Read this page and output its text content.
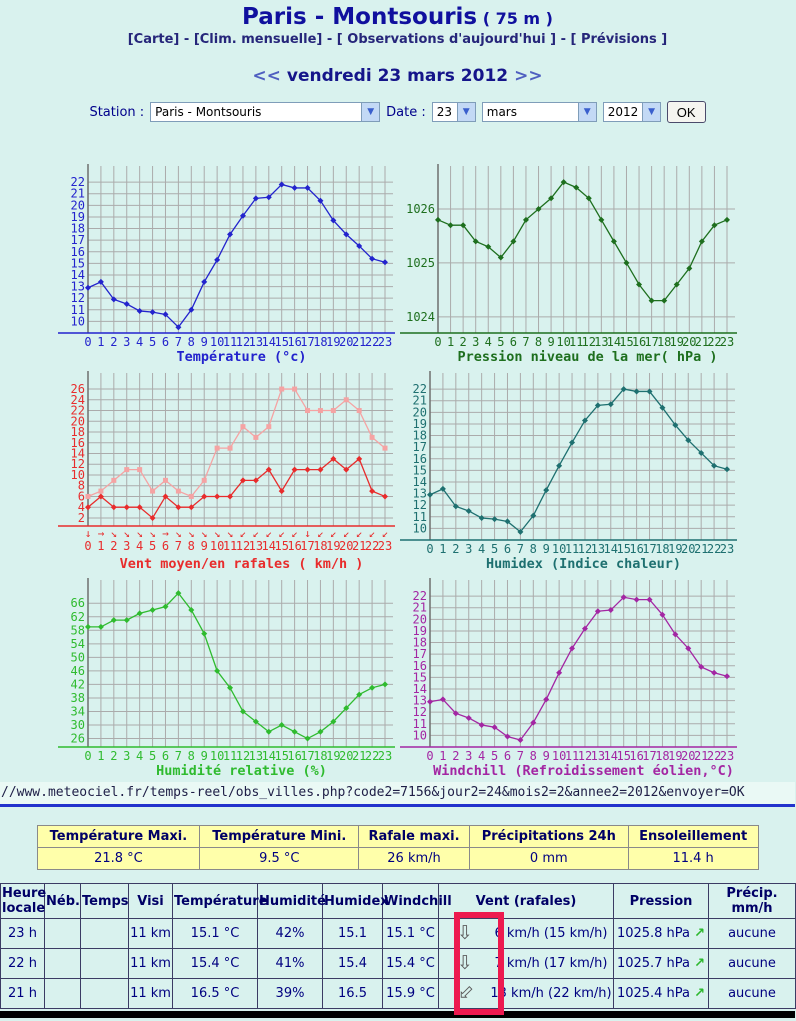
Paris - Montsouris ( 75 m )
[Carte] - [Clim. mensuelle] - [ Observations d'aujourd'hui ] - [ Prévisions ]
<< vendredi 23 mars 2012 >>
Station : Paris - Montsouris	▼ Date : 23	▼	mars	▼	2012	▼	OK
10
11
12
13
14
15
16
17
18
19
20
21
22
0 1 2 3 4 5 6 7 8 9 10
11
12
13
14
15
16
17
18
19
20
21
22
23
Température (°c)
1024
1025
1026
0 1 2 3 4 5 6 7 8 9 10
11
12
13
14
15
16
17
18
19
20
21
22
23
Pression niveau de la mer( hPa )
2
4
6
8
10
12
14
16
18
20
22
24
26
0 1 2 3 4 5 6 7 8 9 10
11
12
13
14
15
16
17
18
19
20
21
22
23
↓ → ↘ ↘ ↘ ↘ → ↘ ↘ ↘ ↘ ↘ ↙ ↙ ↙ ↙ ↙ ↓ ↙ ↙ ↙ ↙ ↙ ↙
Vent moyen/en rafales ( km/h )
10
11
12
13
14
15
16
17
18
19
20
21
22
0 1 2 3 4 5 6 7 8 9 10
11
12
13
14
15
16
17
18
19
20
21
22
23
Humidex (Indice chaleur)
26
30
34
38
42
46
50
54
58
62
66
0 1 2 3 4 5 6 7 8 9 10
11
12
13
14
15
16
17
18
19
20
21
22
23
Humidité relative (%)
10
11
12
13
14
15
16
17
18
19
20
21
22
0 1 2 3 4 5 6 7 8 9 10
11
12
13
14
15
16
17
18
19
20
21
22
23
Windchill (Refroidissement éolien,°C)
//www.meteociel.fr/temps-reel/obs_villes.php?code2=7156&jour2=24&mois2=2&annee2=2012&envoyer=OK
Température Maxi.	Température Mini.	Rafale maxi.	Précipitations 24h	Ensoleillement
21.8 °C	9.5 °C	26 km/h	0 mm	11.4 h
Heure
locale	Néb.	Temps	Visi	Température	Humidité	Humidex	Windchill	Vent (rafales)	Pression	Précip.
mm/h
23 h			11 km	15.1 °C	42%	15.1	15.1 °C	⇩ 6 km/h (15 km/h)	1025.8 hPa ↗	aucune
22 h			11 km	15.4 °C	41%	15.4	15.4 °C	⇩ 7 km/h (17 km/h)	1025.7 hPa ↗	aucune
21 h			11 km	16.5 °C	39%	16.5	15.9 °C	⇩ 13 km/h (22 km/h)	1025.4 hPa ↗	aucune
